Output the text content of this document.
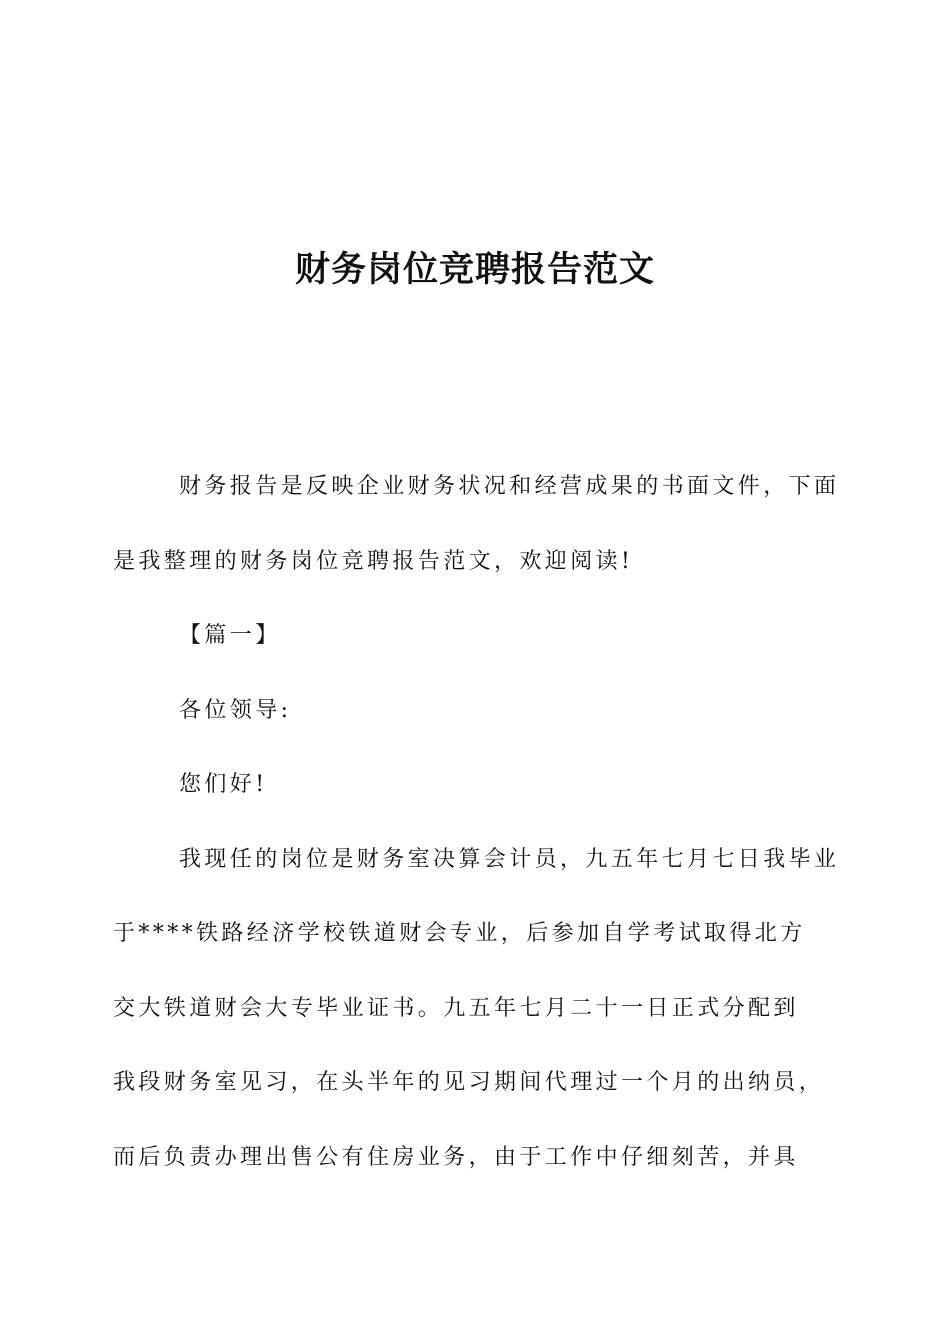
财务岗位竞聘报告范文

财务报告是反映企业财务状况和经营成果的书面文件，下面
是我整理的财务岗位竞聘报告范文，欢迎阅读!

【篇一】

各位领导:

您们好!

我现任的岗位是财务室决算会计员，九五年七月七日我毕业
于****铁路经济学校铁道财会专业，后参加自学考试取得北方
交大铁道财会大专毕业证书。九五年七月二十一日正式分配到
我段财务室见习，在头半年的见习期间代理过一个月的出纳员，
而后负责办理出售公有住房业务，由于工作中仔细刻苦，并具
